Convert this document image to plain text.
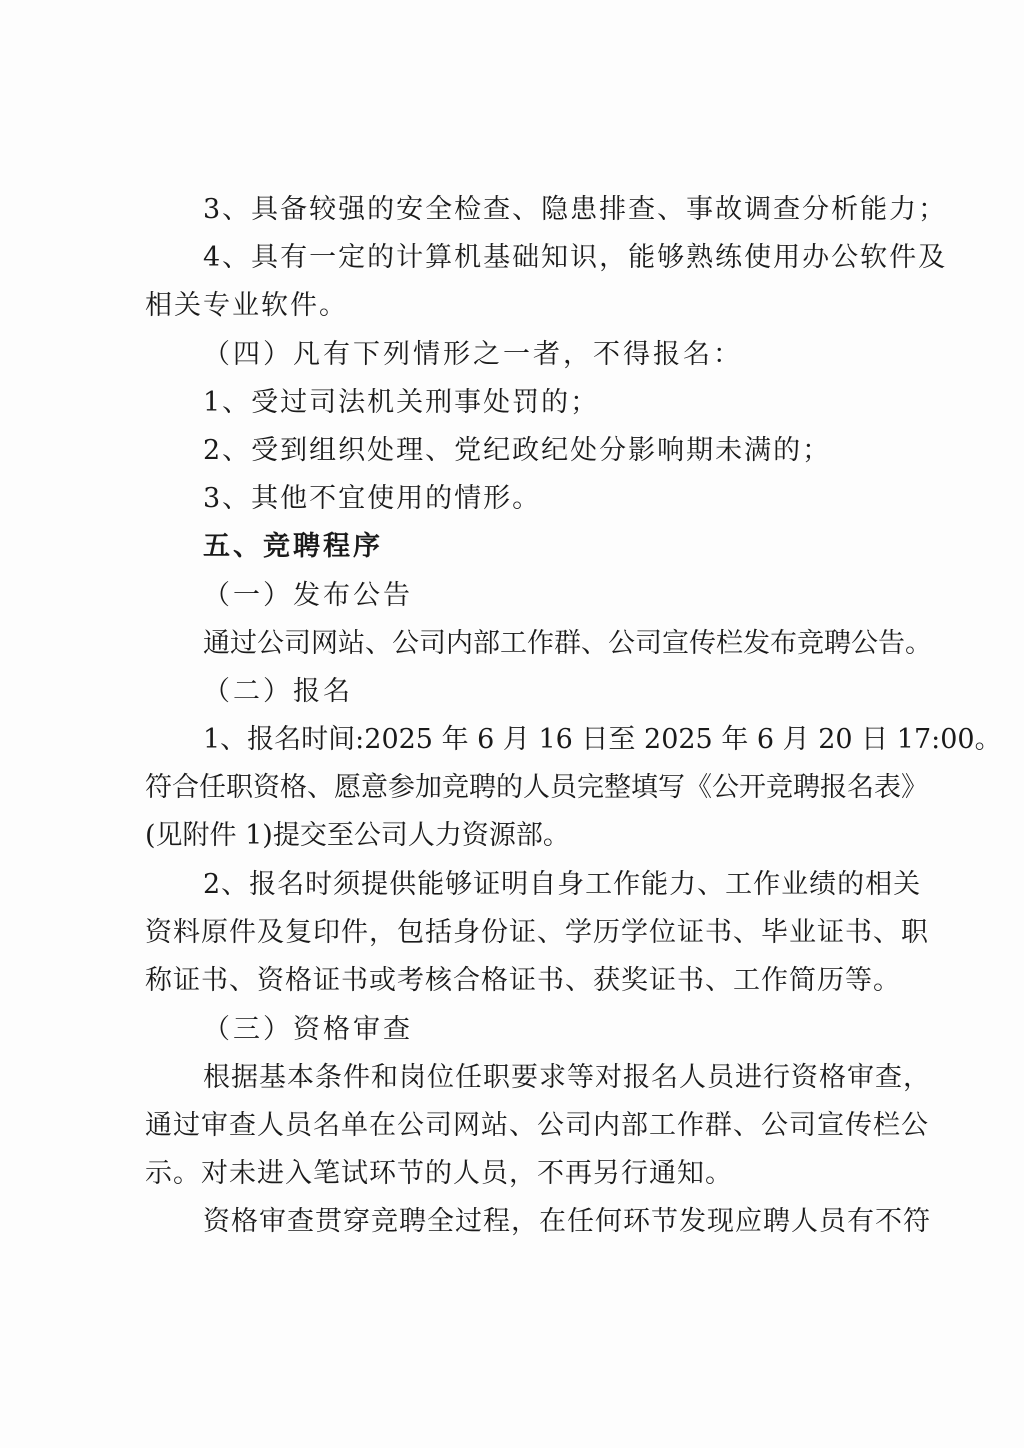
3、具备较强的安全检查、隐患排查、事故调查分析能力；
4、具有一定的计算机基础知识，能够熟练使用办公软件及
相关专业软件。
（四）凡有下列情形之一者，不得报名：
1、受过司法机关刑事处罚的；
2、受到组织处理、党纪政纪处分影响期未满的；
3、其他不宜使用的情形。
五、竞聘程序
（一）发布公告
通过公司网站、公司内部工作群、公司宣传栏发布竞聘公告。
（二）报名
1、报名时间:2025 年 6 月 16 日至 2025 年 6 月 20 日 17:00。
符合任职资格、愿意参加竞聘的人员完整填写《公开竞聘报名表》
(见附件 1)提交至公司人力资源部。
2、报名时须提供能够证明自身工作能力、工作业绩的相关
资料原件及复印件，包括身份证、学历学位证书、毕业证书、职
称证书、资格证书或考核合格证书、获奖证书、工作简历等。
（三）资格审查
根据基本条件和岗位任职要求等对报名人员进行资格审查，
通过审查人员名单在公司网站、公司内部工作群、公司宣传栏公
示。对未进入笔试环节的人员，不再另行通知。
资格审查贯穿竞聘全过程，在任何环节发现应聘人员有不符
